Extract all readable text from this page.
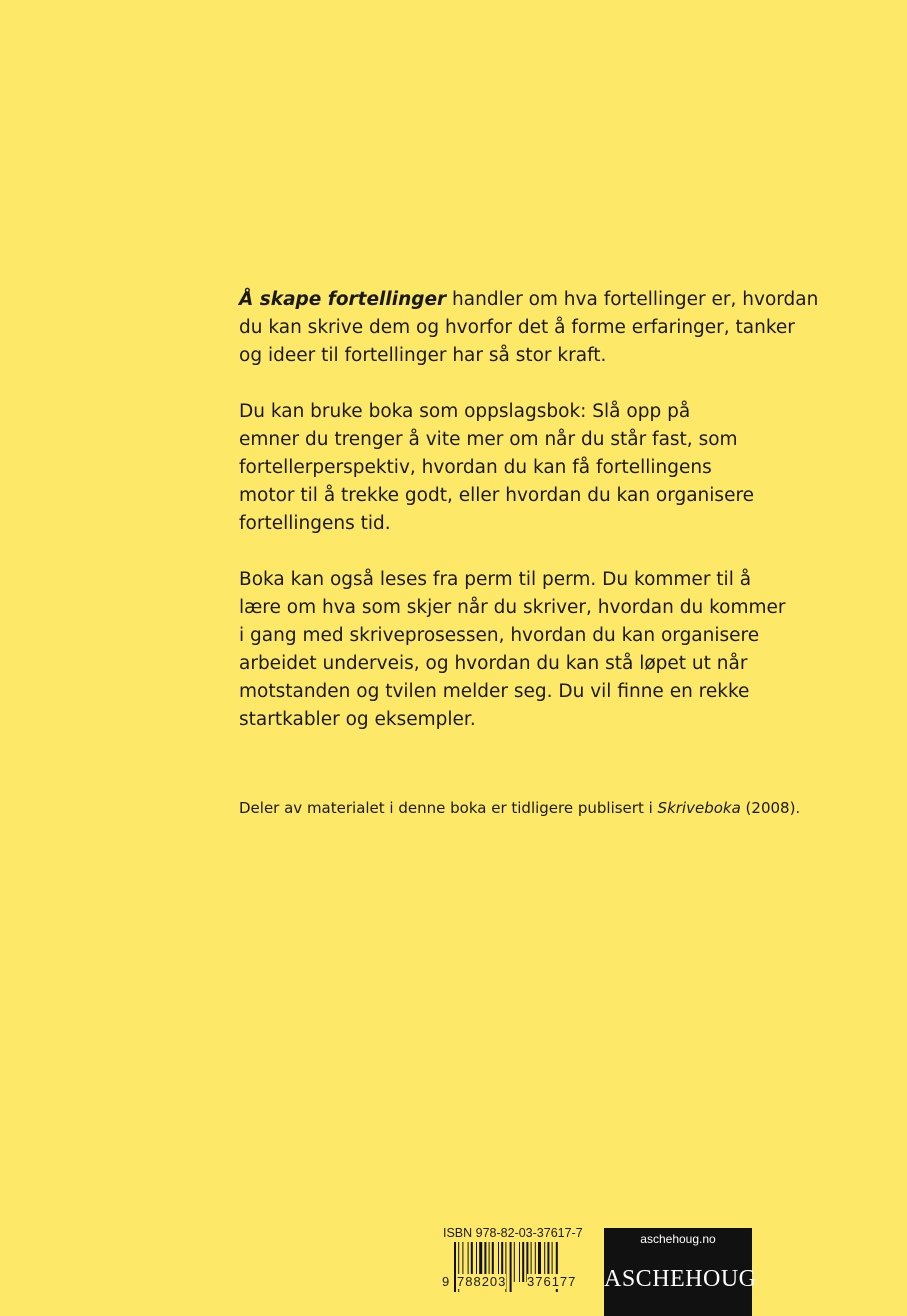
Å skape fortellinger handler om hva fortellinger er, hvordan
du kan skrive dem og hvorfor det å forme erfaringer, tanker
og ideer til fortellinger har så stor kraft.

Du kan bruke boka som oppslagsbok: Slå opp på
emner du trenger å vite mer om når du står fast, som
fortellerperspektiv, hvordan du kan få fortellingens
motor til å trekke godt, eller hvordan du kan organisere
fortellingens tid.

Boka kan også leses fra perm til perm. Du kommer til å
lære om hva som skjer når du skriver, hvordan du kommer
i gang med skriveprosessen, hvordan du kan organisere
arbeidet underveis, og hvordan du kan stå løpet ut når
motstanden og tvilen melder seg. Du vil finne en rekke
startkabler og eksempler.

Deler av materialet i denne boka er tidligere publisert i Skriveboka (2008).
ISBN 978-82-03-37617-7
9 788203 376177
aschehoug.no
ASCHEHOUG
